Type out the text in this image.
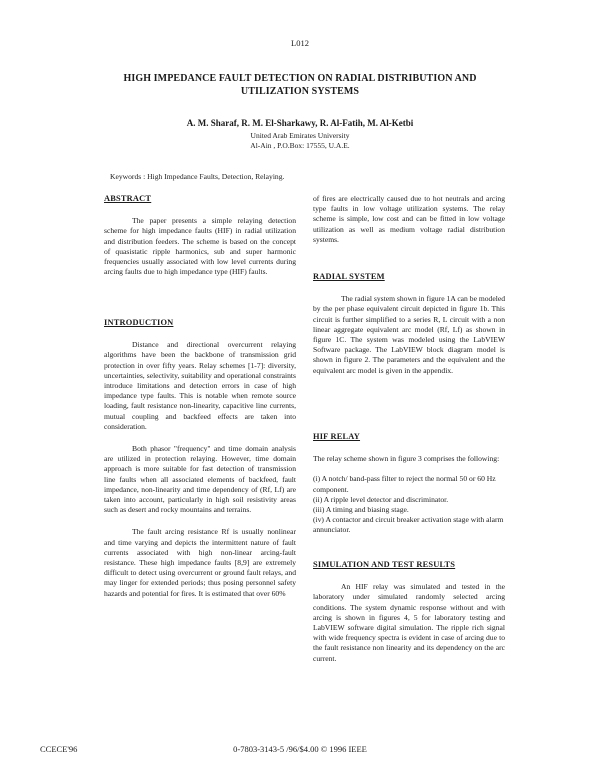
L012
HIGH IMPEDANCE FAULT DETECTION ON RADIAL DISTRIBUTION AND
UTILIZATION SYSTEMS
A. M. Sharaf, R. M. El-Sharkawy, R. Al-Fatih, M. Al-Ketbi
United Arab Emirates University
Al-Ain , P.O.Box: 17555, U.A.E.
Keywords : High Impedance Faults, Detection, Relaying.
ABSTRACT

The paper presents a simple relaying detection scheme for high impedance faults (HIF) in radial utilization and distribution feeders. The scheme is based on the concept of quasistatic ripple harmonics, sub and super harmonic frequencies usually associated with low level currents during arcing faults due to high impedance type (HIF) faults.

INTRODUCTION

Distance and directional overcurrent relaying algorithms have been the backbone of transmission grid protection in over fifty years. Relay schemes [1-7]: diversity, uncertainties, selectivity, suitability and operational constraints introduce limitations and detection errors in case of high impedance type faults. This is notable when remote source loading, fault resistance non-linearity, capacitive line currents, mutual coupling and backfeed effects are taken into consideration.

Both phasor "frequency" and time domain analysis are utilized in protection relaying. However, time domain approach is more suitable for fast detection of transmission line faults when all associated elements of backfeed, fault impedance, non-linearity and time dependency of (Rf, Lf) are taken into account, particularly in high soil resistivity areas such as desert and rocky mountains and terrains.

The fault arcing resistance Rf is usually nonlinear and time varying and depicts the intermittent nature of fault currents associated with high non-linear arcing-fault resistance. These high impedance faults [8,9] are extremely difficult to detect using overcurrent or ground fault relays, and may linger for extended periods; thus posing personnel safety hazards and potential for fires. It is estimated that over 60%

of fires are electrically caused due to hot neutrals and arcing type faults in low voltage utilization systems. The relay scheme is simple, low cost and can be fitted in low voltage utilization as well as medium voltage radial distribution systems.

RADIAL SYSTEM

The radial system shown in figure 1A can be modeled by the per phase equivalent circuit depicted in figure 1b. This circuit is further simplified to a series R, L circuit with a non linear aggregate equivalent arc model (Rf, Lf) as shown in figure 1C. The system was modeled using the LabVIEW Software package. The LabVIEW block diagram model is shown in figure 2. The parameters and the equivalent and the equivalent arc model is given in the appendix.

HIF RELAY

The relay scheme shown in figure 3 comprises the following:

(i) A notch/ band-pass filter to reject the normal 50 or 60 Hz component.

(ii) A ripple level detector and discriminator.

(iii) A timing and biasing stage.

(iv) A contactor and circuit breaker activation stage with alarm annunciator.

SIMULATION AND TEST RESULTS

An HIF relay was simulated and tested in the laboratory under simulated randomly selected arcing conditions. The system dynamic response without and with arcing is shown in figures 4, 5 for laboratory testing and LabVIEW software digital simulation. The ripple rich signal with wide frequency spectra is evident in case of arcing due to the fault resistance non linearity and its dependency on the arc current.

CCECE'96	0-7803-3143-5 /96/$4.00 © 1996 IEEE
